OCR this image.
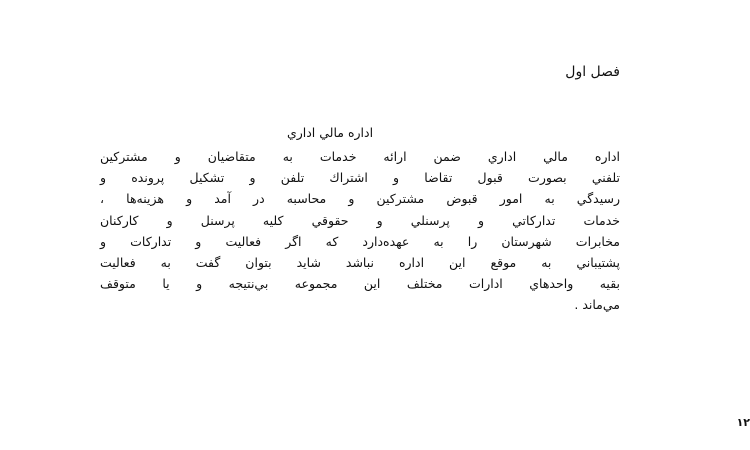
فصل اول
اداره مالي اداري
اداره مالي اداري ضمن ارائه خدمات به متقاضيان و مشتركين
تلفني بصورت قبول تقاضا و اشتراك تلفن و تشكيل پرونده و
رسيدگي به امور قبوض مشتركين و محاسبه در آمد و هزينه‌ها ،
خدمات تداركاتي و پرسنلي و حقوقي كليه پرسنل و كاركنان
مخابرات شهرستان را به عهده‌دارد كه اگر فعاليت و تداركات و
پشتيباني به موقع اين اداره نباشد شايد بتوان گفت به فعاليت
بقيه واحدهاي ادارات مختلف اين مجموعه بي‌نتيجه و يا متوقف
مي‌ماند .
۱۲
